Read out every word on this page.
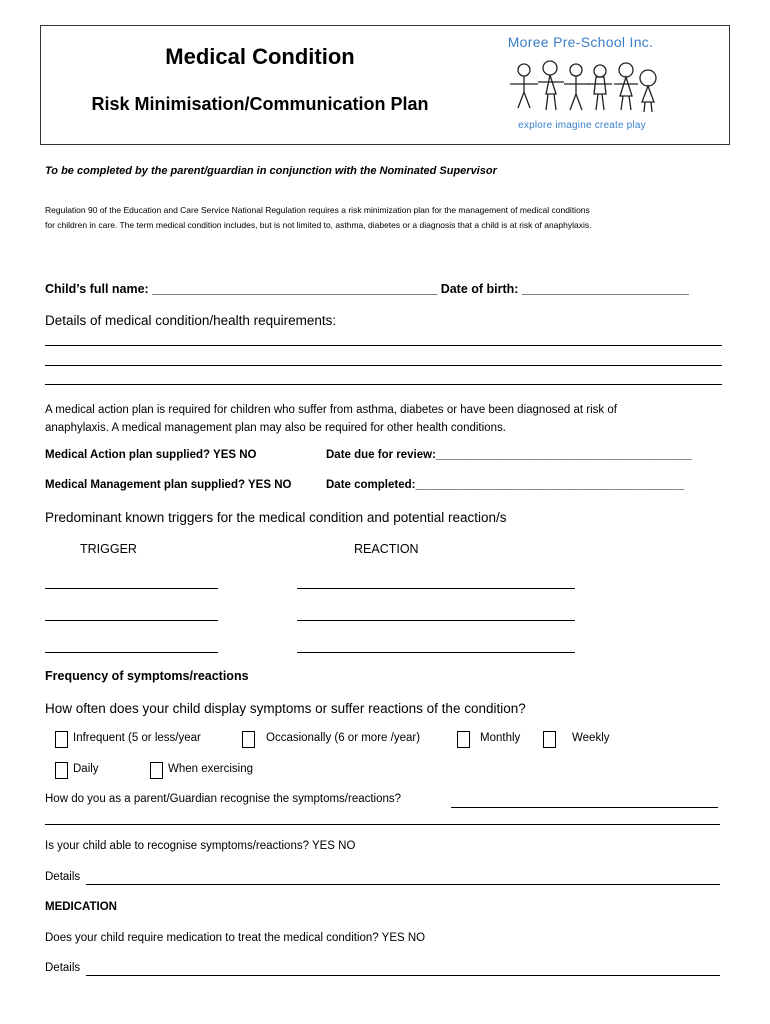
Medical Condition
Risk Minimisation/Communication Plan
Moree Pre-School Inc.
explore imagine create play
To be completed by the parent/guardian in conjunction with the Nominated Supervisor
Regulation 90 of the Education and Care Service National Regulation requires a risk minimization plan for the management of medical conditions
for children in care. The term medical condition includes, but is not limited to, asthma, diabetes or a diagnosis that a child is at risk of anaphylaxis.
Child’s full name: _________________________________________ Date of birth: ________________________
Details of medical condition/health requirements:
A medical action plan is required for children who suffer from asthma, diabetes or have been diagnosed at risk of
anaphylaxis. A medical management plan may also be required for other health conditions.
Medical Action plan supplied? YES NO	Date due for review:________________________________________
Medical Management plan supplied? YES NO	Date completed:__________________________________________
Predominant known triggers for the medical condition and potential reaction/s
TRIGGER	REACTION
Frequency of symptoms/reactions
How often does your child display symptoms or suffer reactions of the condition?
Infrequent (5 or less/year	Occasionally (6 or more /year)	Monthly	Weekly
Daily	When exercising
How do you as a parent/Guardian recognise the symptoms/reactions?
Is your child able to recognise symptoms/reactions? YES NO
Details
MEDICATION
Does your child require medication to treat the medical condition? YES NO
Details
